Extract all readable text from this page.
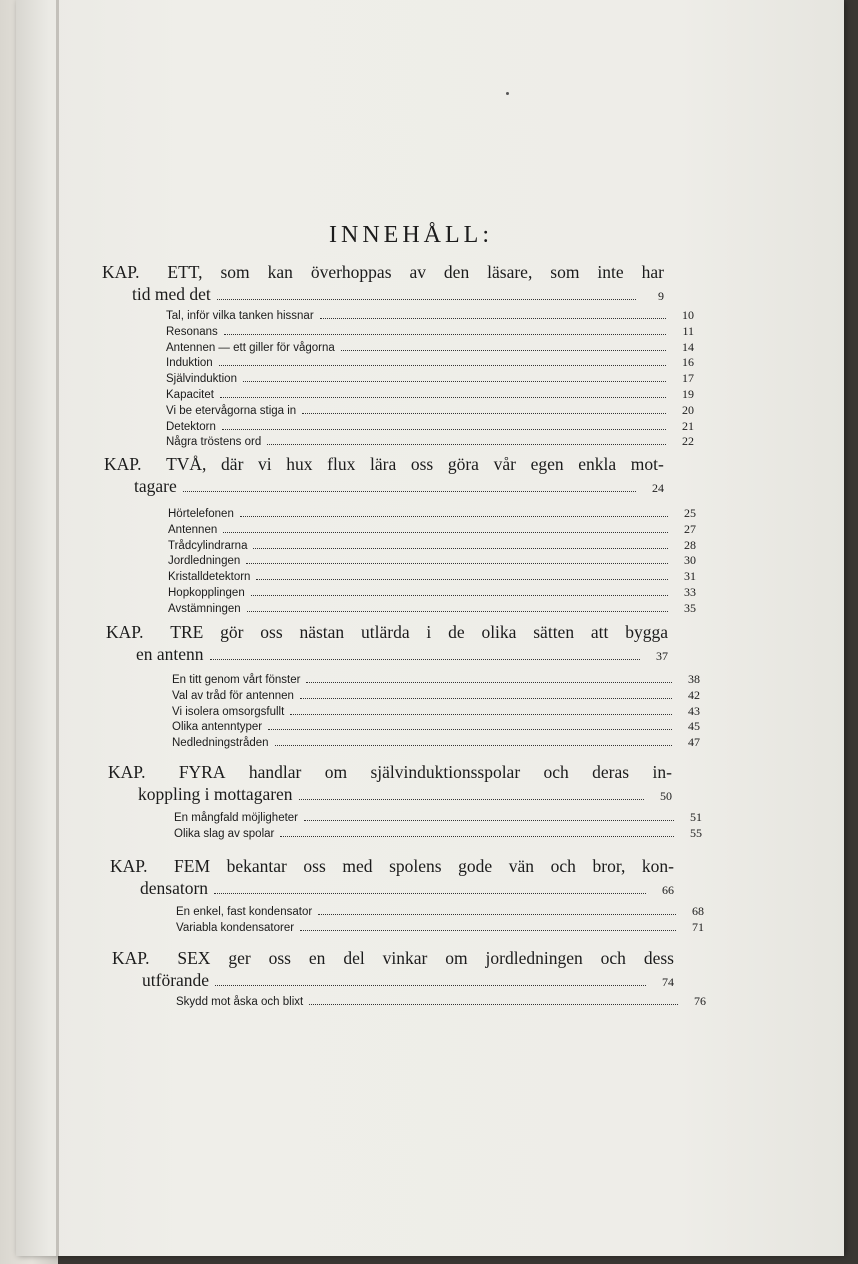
INNEHÅLL:
KAP. ETT, som kan överhoppas av den läsare, som inte har
tid med det	9
Tal, inför vilka tanken hissnar	10
Resonans	11
Antennen — ett giller för vågorna	14
Induktion	16
Självinduktion	17
Kapacitet	19
Vi be etervågorna stiga in	20
Detektorn	21
Några tröstens ord	22
KAP. TVÅ, där vi hux flux lära oss göra vår egen enkla mot-
tagare	24
Hörtelefonen	25
Antennen	27
Trådcylindrarna	28
Jordledningen	30
Kristalldetektorn	31
Hopkopplingen	33
Avstämningen	35
KAP. TRE gör oss nästan utlärda i de olika sätten att bygga
en antenn	37
En titt genom vårt fönster	38
Val av tråd för antennen	42
Vi isolera omsorgsfullt	43
Olika antenntyper	45
Nedledningstråden	47
KAP. FYRA handlar om självinduktionsspolar och deras in-
koppling i mottagaren	50
En mångfald möjligheter	51
Olika slag av spolar	55
KAP. FEM bekantar oss med spolens gode vän och bror, kon-
densatorn	66
En enkel, fast kondensator	68
Variabla kondensatorer	71
KAP. SEX ger oss en del vinkar om jordledningen och dess
utförande	74
Skydd mot åska och blixt	76
